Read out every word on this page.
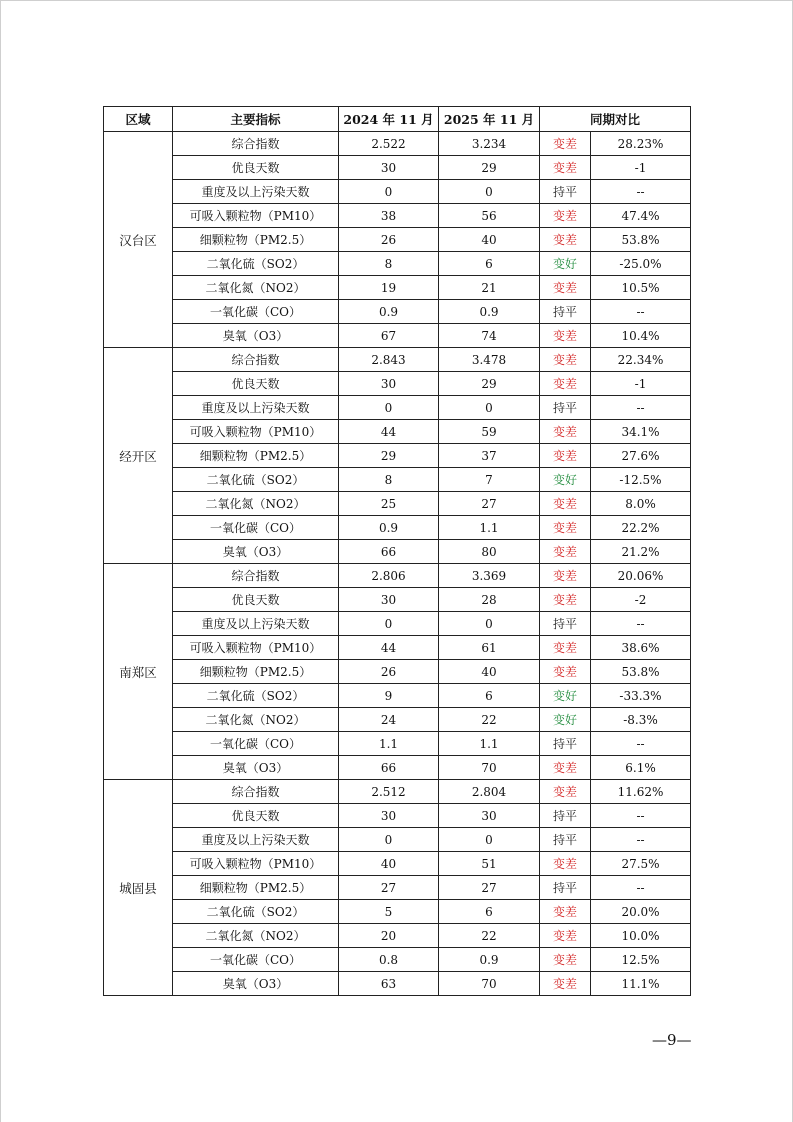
区域	主要指标	2024 年 11 月	2025 年 11 月	同期对比	
汉台区	综合指数	2.522	3.234	变差	28.23%
	优良天数	30	29	变差	-1
	重度及以上污染天数	0	0	持平	--
	可吸入颗粒物（PM10）	38	56	变差	47.4%
	细颗粒物（PM2.5）	26	40	变差	53.8%
	二氧化硫（SO2）	8	6	变好	-25.0%
	二氧化氮（NO2）	19	21	变差	10.5%
	一氧化碳（CO）	0.9	0.9	持平	--
	臭氧（O3）	67	74	变差	10.4%
经开区	综合指数	2.843	3.478	变差	22.34%
	优良天数	30	29	变差	-1
	重度及以上污染天数	0	0	持平	--
	可吸入颗粒物（PM10）	44	59	变差	34.1%
	细颗粒物（PM2.5）	29	37	变差	27.6%
	二氧化硫（SO2）	8	7	变好	-12.5%
	二氧化氮（NO2）	25	27	变差	8.0%
	一氧化碳（CO）	0.9	1.1	变差	22.2%
	臭氧（O3）	66	80	变差	21.2%
南郑区	综合指数	2.806	3.369	变差	20.06%
	优良天数	30	28	变差	-2
	重度及以上污染天数	0	0	持平	--
	可吸入颗粒物（PM10）	44	61	变差	38.6%
	细颗粒物（PM2.5）	26	40	变差	53.8%
	二氧化硫（SO2）	9	6	变好	-33.3%
	二氧化氮（NO2）	24	22	变好	-8.3%
	一氧化碳（CO）	1.1	1.1	持平	--
	臭氧（O3）	66	70	变差	6.1%
城固县	综合指数	2.512	2.804	变差	11.62%
	优良天数	30	30	持平	--
	重度及以上污染天数	0	0	持平	--
	可吸入颗粒物（PM10）	40	51	变差	27.5%
	细颗粒物（PM2.5）	27	27	持平	--
	二氧化硫（SO2）	5	6	变差	20.0%
	二氧化氮（NO2）	20	22	变差	10.0%
	一氧化碳（CO）	0.8	0.9	变差	12.5%
	臭氧（O3）	63	70	变差	11.1%
—9—
